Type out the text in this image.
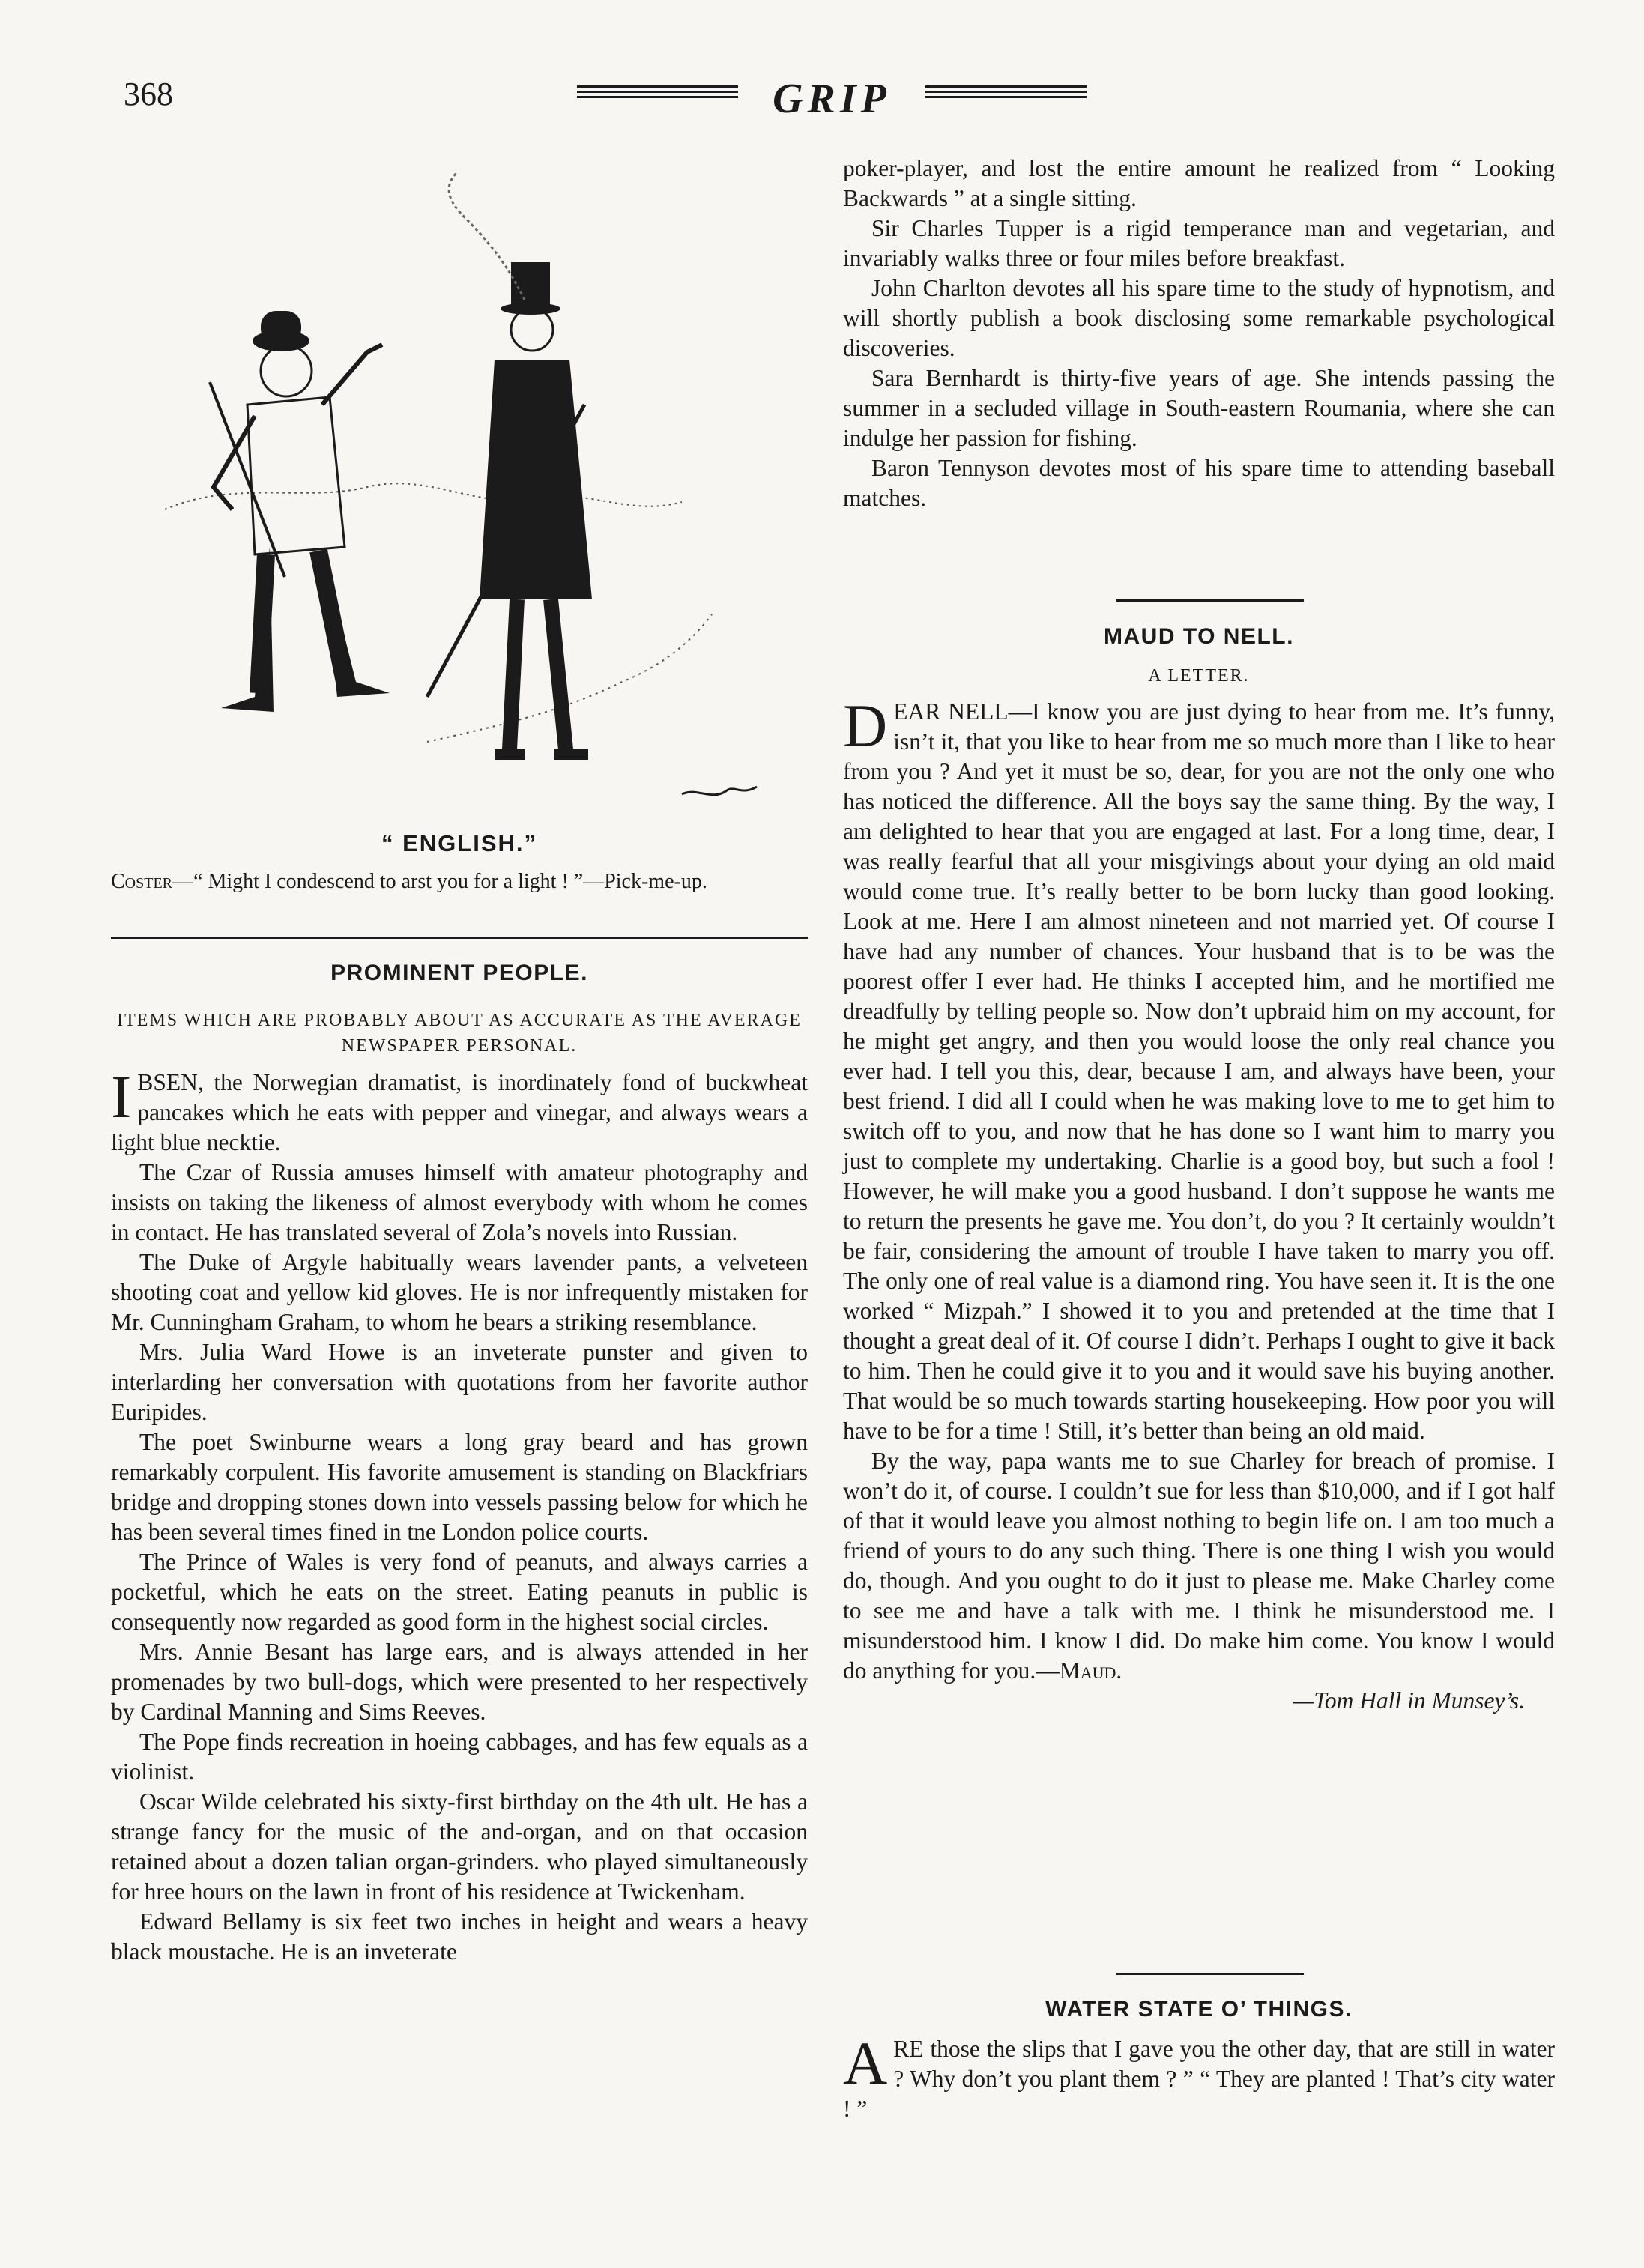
368	GRIP
“ ENGLISH.”
Coster—“ Might I condescend to arst you for a light ! ”—Pick-me-up.
PROMINENT PEOPLE.
ITEMS WHICH ARE PROBABLY ABOUT AS ACCURATE AS THE AVERAGE NEWSPAPER PERSONAL.

IBSEN, the Norwegian dramatist, is inordinately fond of buckwheat pancakes which he eats with pepper and vinegar, and always wears a light blue necktie.

The Czar of Russia amuses himself with amateur photography and insists on taking the likeness of almost everybody with whom he comes in contact. He has translated several of Zola’s novels into Russian.

The Duke of Argyle habitually wears lavender pants, a velveteen shooting coat and yellow kid gloves. He is nor infrequently mistaken for Mr. Cunningham Graham, to whom he bears a striking resemblance.

Mrs. Julia Ward Howe is an inveterate punster and given to interlarding her conversation with quotations from her favorite author Euripides.

The poet Swinburne wears a long gray beard and has grown remarkably corpulent. His favorite amusement is standing on Blackfriars bridge and dropping stones down into vessels passing below for which he has been several times fined in tne London police courts.

The Prince of Wales is very fond of peanuts, and always carries a pocketful, which he eats on the street. Eating peanuts in public is consequently now regarded as good form in the highest social circles.

Mrs. Annie Besant has large ears, and is always attended in her promenades by two bull-dogs, which were presented to her respectively by Cardinal Manning and Sims Reeves.

The Pope finds recreation in hoeing cabbages, and has few equals as a violinist.

Oscar Wilde celebrated his sixty-first birthday on the 4th ult. He has a strange fancy for the music of the and-organ, and on that occasion retained about a dozen talian organ-grinders. who played simultaneously for hree hours on the lawn in front of his residence at Twickenham.

Edward Bellamy is six feet two inches in height and wears a heavy black moustache. He is an inveterate

poker-player, and lost the entire amount he realized from “ Looking Backwards ” at a single sitting.

Sir Charles Tupper is a rigid temperance man and vegetarian, and invariably walks three or four miles before breakfast.

John Charlton devotes all his spare time to the study of hypnotism, and will shortly publish a book disclosing some remarkable psychological discoveries.

Sara Bernhardt is thirty-five years of age. She intends passing the summer in a secluded village in South-eastern Roumania, where she can indulge her passion for fishing.

Baron Tennyson devotes most of his spare time to attending baseball matches.

MAUD TO NELL.
A LETTER.

DEAR NELL—I know you are just dying to hear from me. It’s funny, isn’t it, that you like to hear from me so much more than I like to hear from you ? And yet it must be so, dear, for you are not the only one who has noticed the difference. All the boys say the same thing. By the way, I am delighted to hear that you are engaged at last. For a long time, dear, I was really fearful that all your misgivings about your dying an old maid would come true. It’s really better to be born lucky than good looking. Look at me. Here I am almost nineteen and not married yet. Of course I have had any number of chances. Your husband that is to be was the poorest offer I ever had. He thinks I accepted him, and he mortified me dreadfully by telling people so. Now don’t upbraid him on my account, for he might get angry, and then you would loose the only real chance you ever had. I tell you this, dear, because I am, and always have been, your best friend. I did all I could when he was making love to me to get him to switch off to you, and now that he has done so I want him to marry you just to complete my undertaking. Charlie is a good boy, but such a fool ! However, he will make you a good husband. I don’t suppose he wants me to return the presents he gave me. You don’t, do you ? It certainly wouldn’t be fair, considering the amount of trouble I have taken to marry you off. The only one of real value is a diamond ring. You have seen it. It is the one worked “ Mizpah.” I showed it to you and pretended at the time that I thought a great deal of it. Of course I didn’t. Perhaps I ought to give it back to him. Then he could give it to you and it would save his buying another. That would be so much towards starting housekeeping. How poor you will have to be for a time ! Still, it’s better than being an old maid.

By the way, papa wants me to sue Charley for breach of promise. I won’t do it, of course. I couldn’t sue for less than $10,000, and if I got half of that it would leave you almost nothing to begin life on. I am too much a friend of yours to do any such thing. There is one thing I wish you would do, though. And you ought to do it just to please me. Make Charley come to see me and have a talk with me. I think he misunderstood me. I misunderstood him. I know I did. Do make him come. You know I would do anything for you.—Maud.

—Tom Hall in Munsey’s.

WATER STATE O’ THINGS.

ARE those the slips that I gave you the other day, that are still in water ? Why don’t you plant them ? ” “ They are planted ! That’s city water ! ”
